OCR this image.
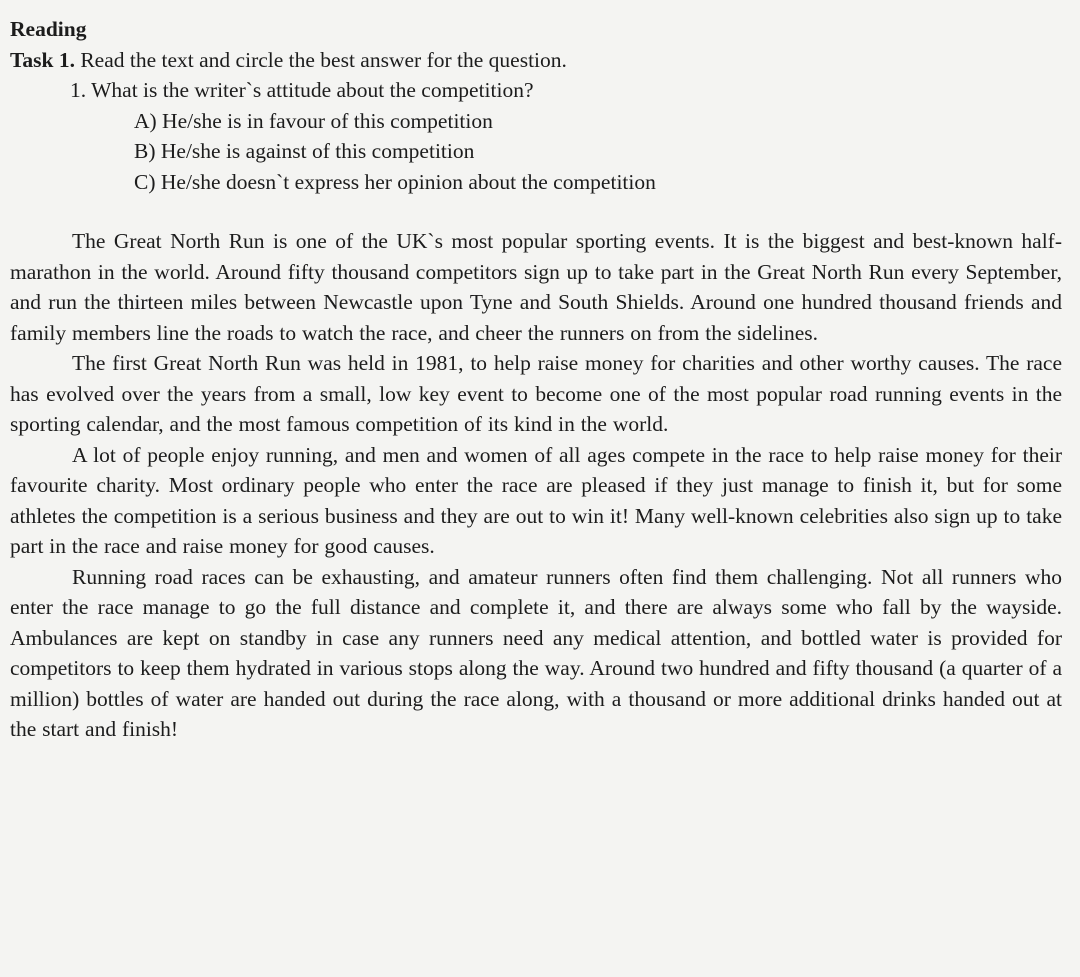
Reading
Task 1. Read the text and circle the best answer for the question.
1. What is the writer`s attitude about the competition?
A) He/she is in favour of this competition
B) He/she is against of this competition
C) He/she doesn`t express her opinion about the competition

The Great North Run is one of the UK`s most popular sporting events. It is the biggest and best-known half-marathon in the world. Around fifty thousand competitors sign up to take part in the Great North Run every September, and run the thirteen miles between Newcastle upon Tyne and South Shields. Around one hundred thousand friends and family members line the roads to watch the race, and cheer the runners on from the sidelines.

The first Great North Run was held in 1981, to help raise money for charities and other worthy causes. The race has evolved over the years from a small, low key event to become one of the most popular road running events in the sporting calendar, and the most famous competition of its kind in the world.

A lot of people enjoy running, and men and women of all ages compete in the race to help raise money for their favourite charity. Most ordinary people who enter the race are pleased if they just manage to finish it, but for some athletes the competition is a serious business and they are out to win it! Many well-known celebrities also sign up to take part in the race and raise money for good causes.

Running road races can be exhausting, and amateur runners often find them challenging. Not all runners who enter the race manage to go the full distance and complete it, and there are always some who fall by the wayside. Ambulances are kept on standby in case any runners need any medical attention, and bottled water is provided for competitors to keep them hydrated in various stops along the way. Around two hundred and fifty thousand (a quarter of a million) bottles of water are handed out during the race along, with a thousand or more additional drinks handed out at the start and finish!
